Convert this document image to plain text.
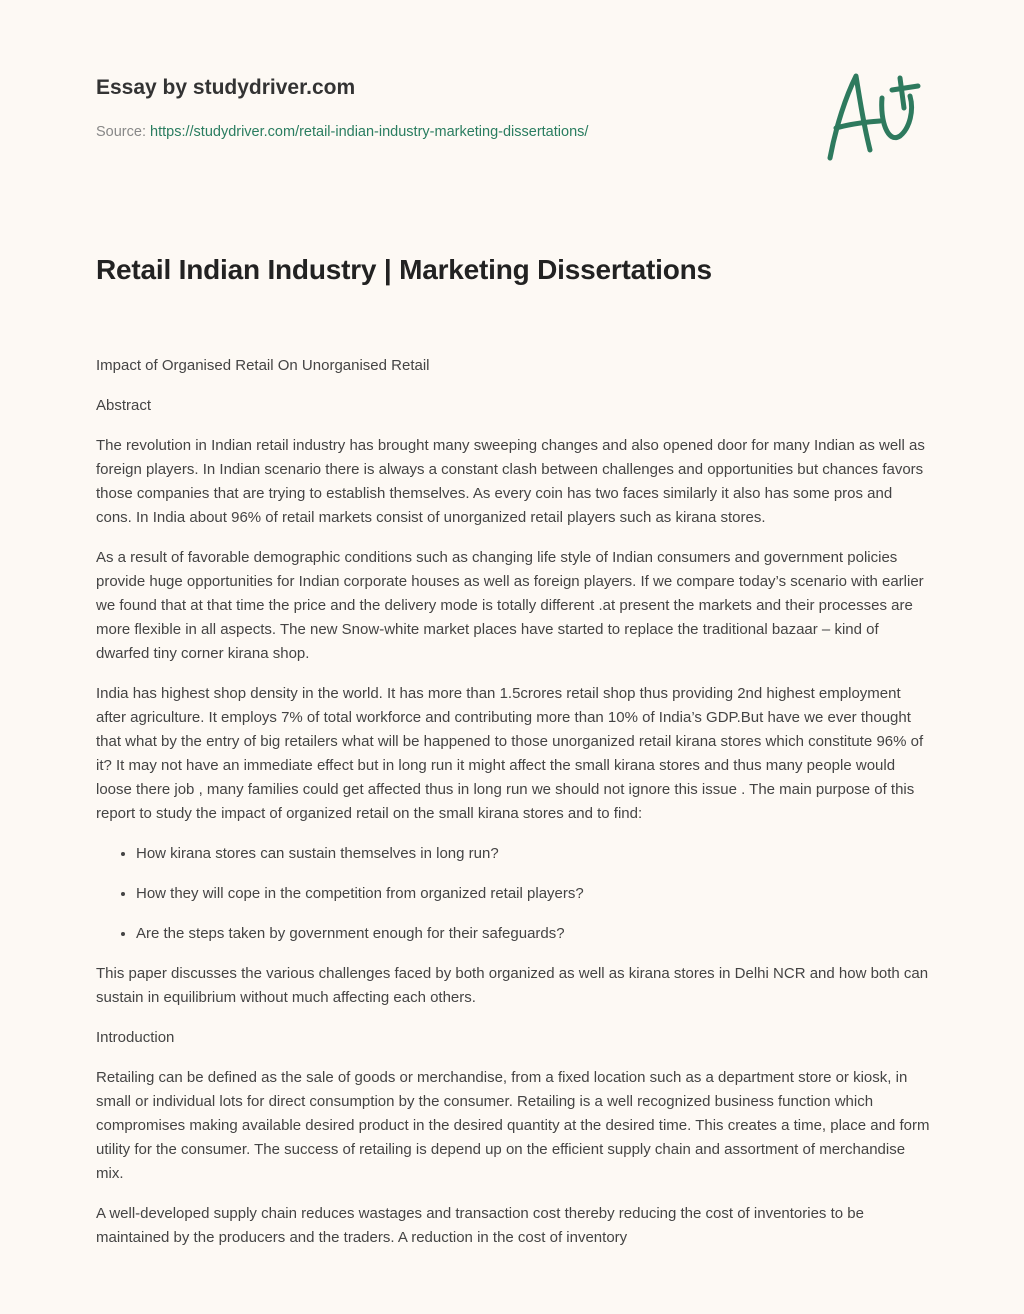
Essay by studydriver.com
Source: https://studydriver.com/retail-indian-industry-marketing-dissertations/
Retail Indian Industry | Marketing Dissertations

Impact of Organised Retail On Unorganised Retail

Abstract

The revolution in Indian retail industry has brought many sweeping changes and also opened door for many Indian as well as foreign players. In Indian scenario there is always a constant clash between challenges and opportunities but chances favors those companies that are trying to establish themselves. As every coin has two faces similarly it also has some pros and cons. In India about 96% of retail markets consist of unorganized retail players such as kirana stores.

As a result of favorable demographic conditions such as changing life style of Indian consumers and government policies provide huge opportunities for Indian corporate houses as well as foreign players. If we compare today’s scenario with earlier we found that at that time the price and the delivery mode is totally different .at present the markets and their processes are more flexible in all aspects. The new Snow-white market places have started to replace the traditional bazaar – kind of dwarfed tiny corner kirana shop.

India has highest shop density in the world. It has more than 1.5crores retail shop thus providing 2nd highest employment after agriculture. It employs 7% of total workforce and contributing more than 10% of India’s GDP.But have we ever thought that what by the entry of big retailers what will be happened to those unorganized retail kirana stores which constitute 96% of it? It may not have an immediate effect but in long run it might affect the small kirana stores and thus many people would loose there job , many families could get affected thus in long run we should not ignore this issue . The main purpose of this report to study the impact of organized retail on the small kirana stores and to find:

• How kirana stores can sustain themselves in long run?
• How they will cope in the competition from organized retail players?
• Are the steps taken by government enough for their safeguards?

This paper discusses the various challenges faced by both organized as well as kirana stores in Delhi NCR and how both can sustain in equilibrium without much affecting each others.

Introduction

Retailing can be defined as the sale of goods or merchandise, from a fixed location such as a department store or kiosk, in small or individual lots for direct consumption by the consumer. Retailing is a well recognized business function which compromises making available desired product in the desired quantity at the desired time. This creates a time, place and form utility for the consumer. The success of retailing is depend up on the efficient supply chain and assortment of merchandise mix.

A well-developed supply chain reduces wastages and transaction cost thereby reducing the cost of inventories to be maintained by the producers and the traders. A reduction in the cost of inventory
